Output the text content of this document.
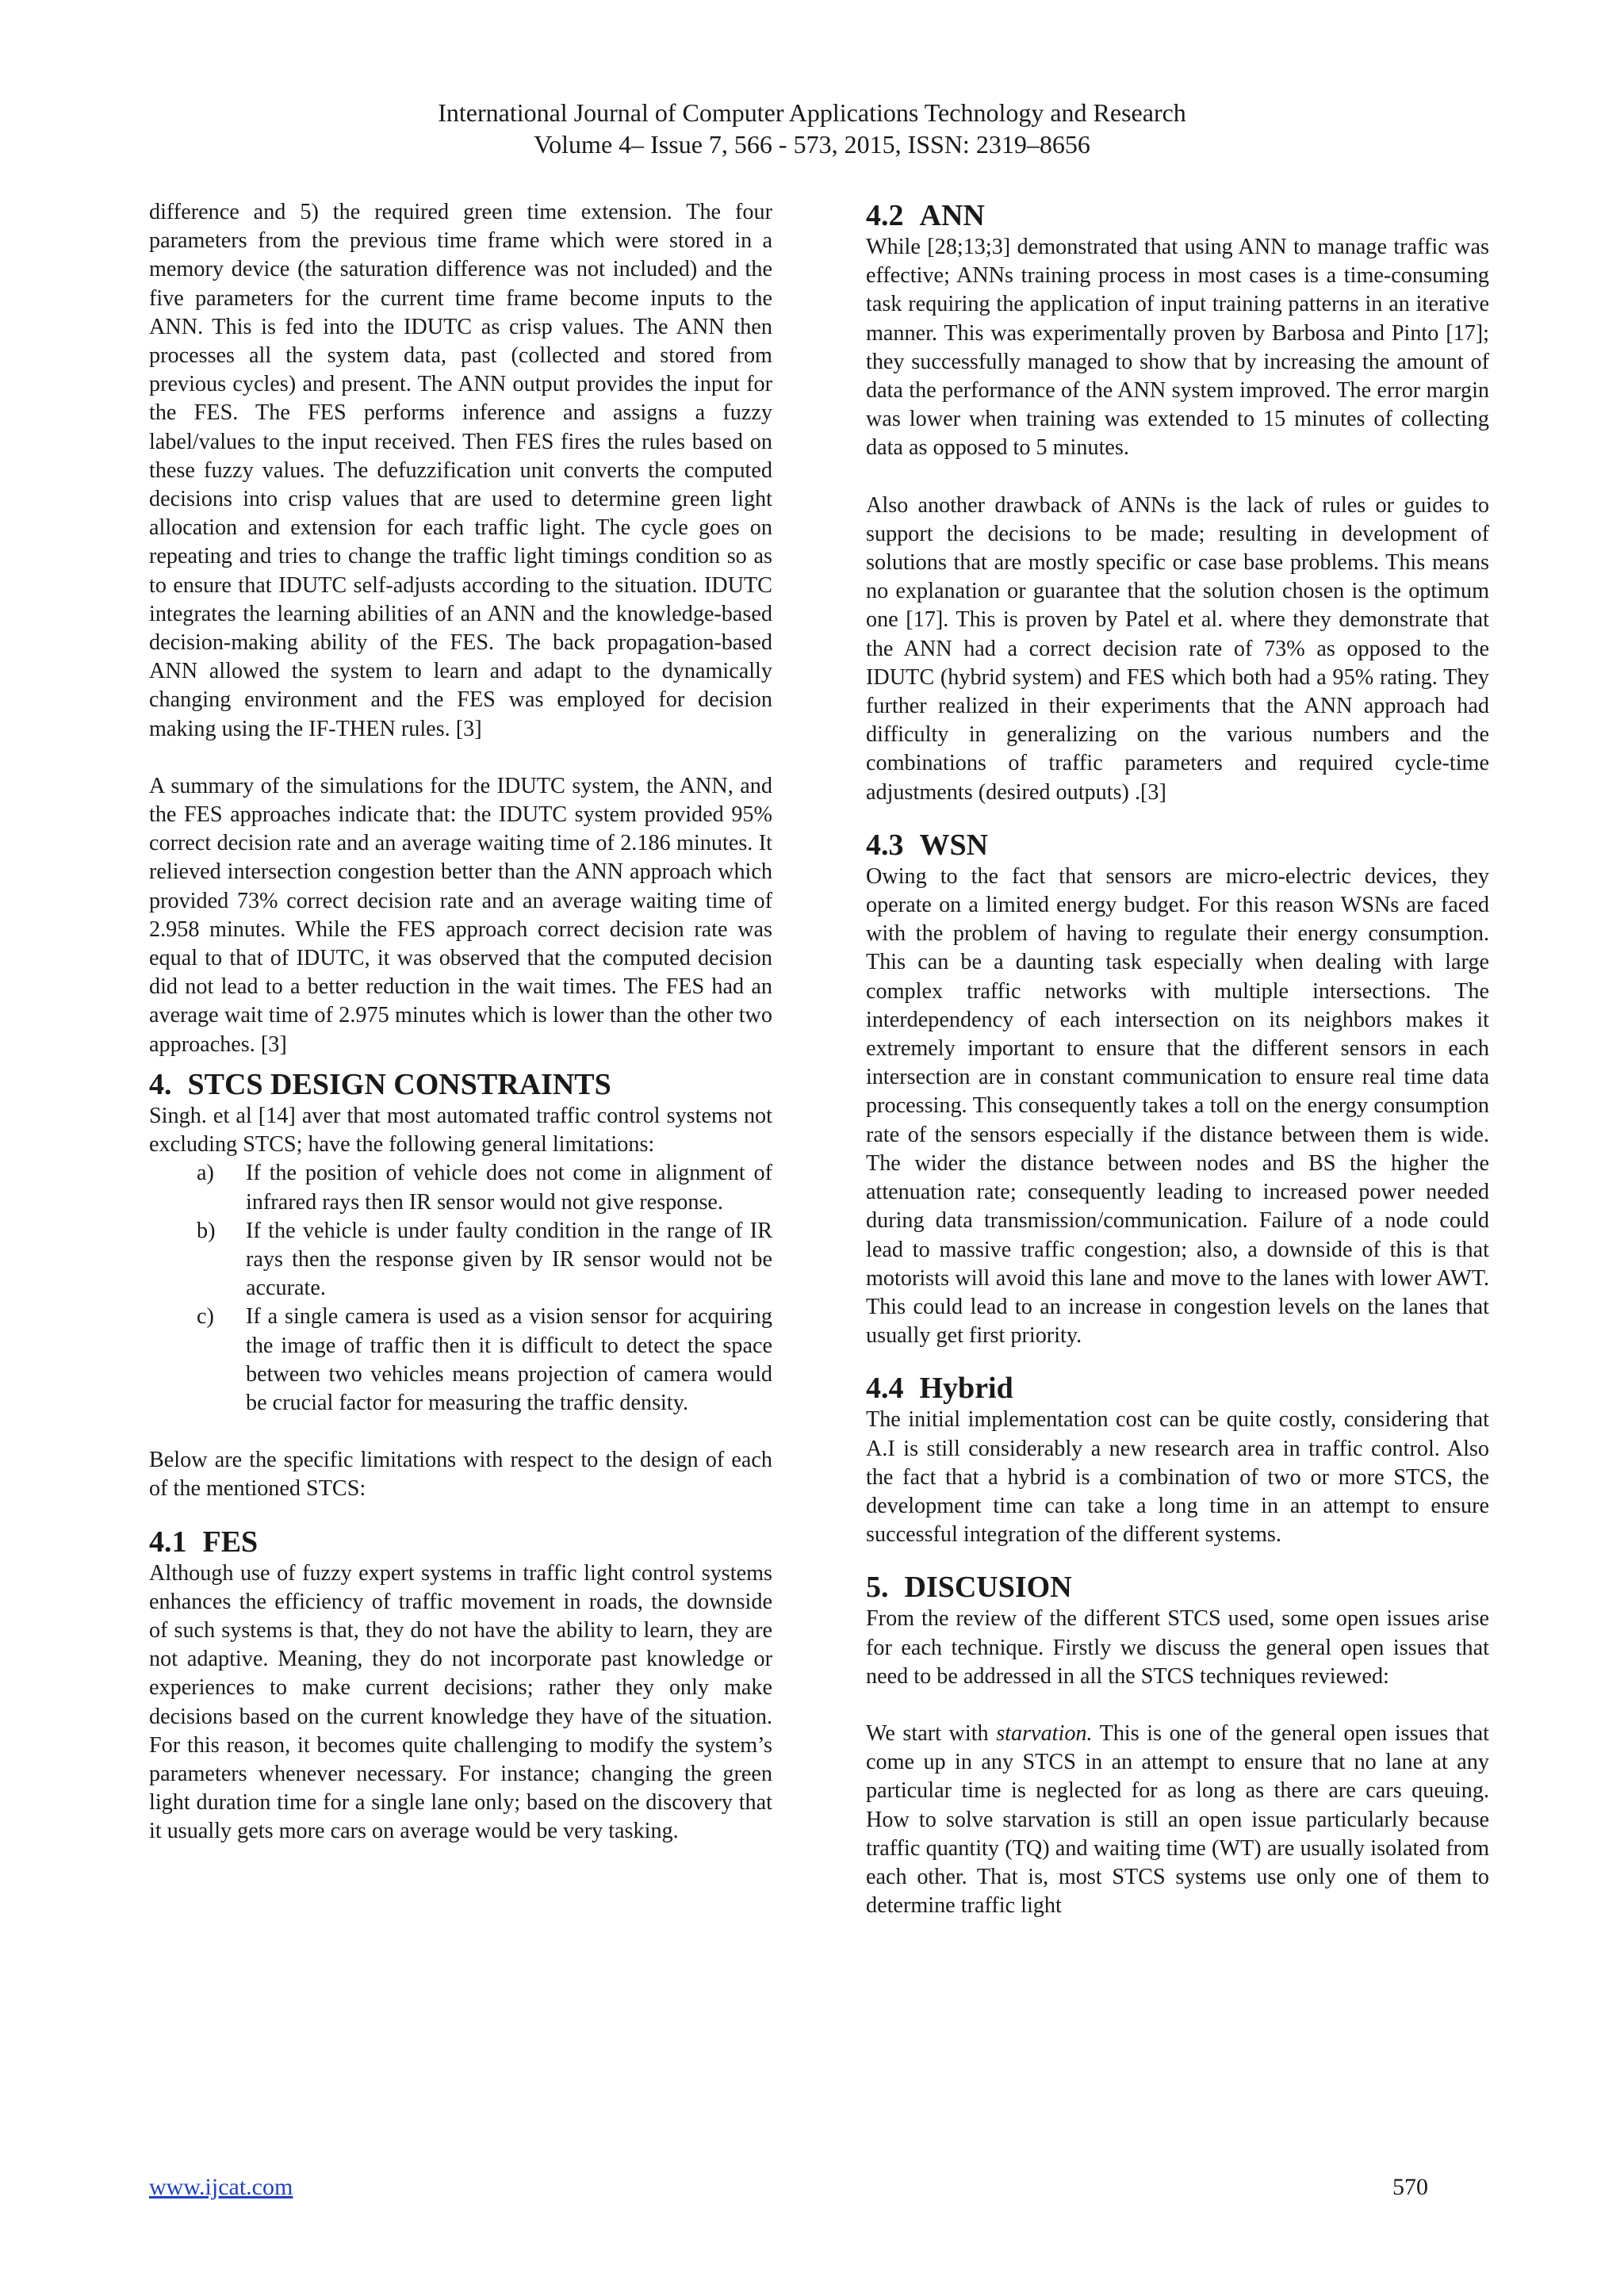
International Journal of Computer Applications Technology and Research
Volume 4– Issue 7, 566 - 573, 2015, ISSN: 2319–8656

difference and 5) the required green time extension. The four parameters from the previous time frame which were stored in a memory device (the saturation difference was not included) and the five parameters for the current time frame become inputs to the ANN. This is fed into the IDUTC as crisp values. The ANN then processes all the system data, past (collected and stored from previous cycles) and present. The ANN output provides the input for the FES. The FES performs inference and assigns a fuzzy label/values to the input received. Then FES fires the rules based on these fuzzy values. The defuzzification unit converts the computed decisions into crisp values that are used to determine green light allocation and extension for each traffic light. The cycle goes on repeating and tries to change the traffic light timings condition so as to ensure that IDUTC self-adjusts according to the situation. IDUTC integrates the learning abilities of an ANN and the knowledge-based decision-making ability of the FES. The back propagation-based ANN allowed the system to learn and adapt to the dynamically changing environment and the FES was employed for decision making using the IF-THEN rules. [3]

A summary of the simulations for the IDUTC system, the ANN, and the FES approaches indicate that: the IDUTC system provided 95% correct decision rate and an average waiting time of 2.186 minutes. It relieved intersection congestion better than the ANN approach which provided 73% correct decision rate and an average waiting time of 2.958 minutes. While the FES approach correct decision rate was equal to that of IDUTC, it was observed that the computed decision did not lead to a better reduction in the wait times. The FES had an average wait time of 2.975 minutes which is lower than the other two approaches. [3]

4. STCS DESIGN CONSTRAINTS

Singh. et al [14] aver that most automated traffic control systems not excluding STCS; have the following general limitations:

a) If the position of vehicle does not come in alignment of infrared rays then IR sensor would not give response.
b) If the vehicle is under faulty condition in the range of IR rays then the response given by IR sensor would not be accurate.
c) If a single camera is used as a vision sensor for acquiring the image of traffic then it is difficult to detect the space between two vehicles means projection of camera would be crucial factor for measuring the traffic density.

Below are the specific limitations with respect to the design of each of the mentioned STCS:

4.1 FES

Although use of fuzzy expert systems in traffic light control systems enhances the efficiency of traffic movement in roads, the downside of such systems is that, they do not have the ability to learn, they are not adaptive. Meaning, they do not incorporate past knowledge or experiences to make current decisions; rather they only make decisions based on the current knowledge they have of the situation. For this reason, it becomes quite challenging to modify the system’s parameters whenever necessary. For instance; changing the green light duration time for a single lane only; based on the discovery that it usually gets more cars on average would be very tasking.

4.2 ANN

While [28;13;3] demonstrated that using ANN to manage traffic was effective; ANNs training process in most cases is a time-consuming task requiring the application of input training patterns in an iterative manner. This was experimentally proven by Barbosa and Pinto [17]; they successfully managed to show that by increasing the amount of data the performance of the ANN system improved. The error margin was lower when training was extended to 15 minutes of collecting data as opposed to 5 minutes.

Also another drawback of ANNs is the lack of rules or guides to support the decisions to be made; resulting in development of solutions that are mostly specific or case base problems. This means no explanation or guarantee that the solution chosen is the optimum one [17]. This is proven by Patel et al. where they demonstrate that the ANN had a correct decision rate of 73% as opposed to the IDUTC (hybrid system) and FES which both had a 95% rating. They further realized in their experiments that the ANN approach had difficulty in generalizing on the various numbers and the combinations of traffic parameters and required cycle-time adjustments (desired outputs) .[3]

4.3 WSN

Owing to the fact that sensors are micro-electric devices, they operate on a limited energy budget. For this reason WSNs are faced with the problem of having to regulate their energy consumption. This can be a daunting task especially when dealing with large complex traffic networks with multiple intersections. The interdependency of each intersection on its neighbors makes it extremely important to ensure that the different sensors in each intersection are in constant communication to ensure real time data processing. This consequently takes a toll on the energy consumption rate of the sensors especially if the distance between them is wide. The wider the distance between nodes and BS the higher the attenuation rate; consequently leading to increased power needed during data transmission/communication. Failure of a node could lead to massive traffic congestion; also, a downside of this is that motorists will avoid this lane and move to the lanes with lower AWT. This could lead to an increase in congestion levels on the lanes that usually get first priority.

4.4 Hybrid

The initial implementation cost can be quite costly, considering that A.I is still considerably a new research area in traffic control. Also the fact that a hybrid is a combination of two or more STCS, the development time can take a long time in an attempt to ensure successful integration of the different systems.

5. DISCUSION

From the review of the different STCS used, some open issues arise for each technique. Firstly we discuss the general open issues that need to be addressed in all the STCS techniques reviewed:

We start with starvation. This is one of the general open issues that come up in any STCS in an attempt to ensure that no lane at any particular time is neglected for as long as there are cars queuing. How to solve starvation is still an open issue particularly because traffic quantity (TQ) and waiting time (WT) are usually isolated from each other. That is, most STCS systems use only one of them to determine traffic light

www.ijcat.com	570
